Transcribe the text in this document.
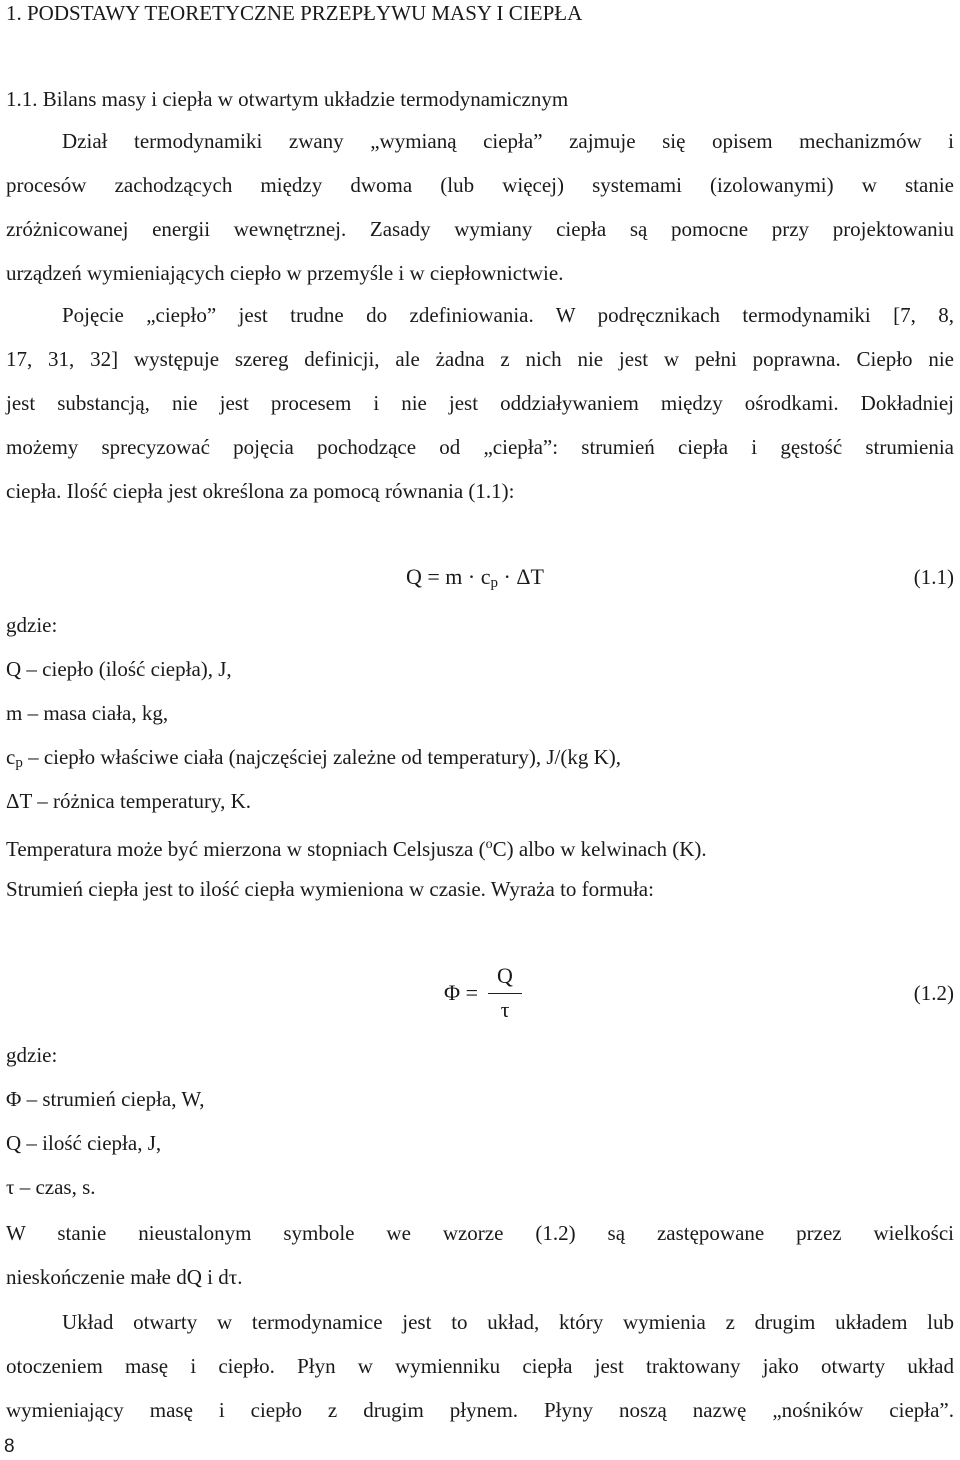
1. PODSTAWY TEORETYCZNE PRZEPŁYWU MASY I CIEPŁA
1.1. Bilans masy i ciepła w otwartym układzie termodynamicznym
Dział termodynamiki zwany „wymianą ciepła” zajmuje się opisem mechanizmów i
procesów zachodzących między dwoma (lub więcej) systemami (izolowanymi) w stanie
zróżnicowanej energii wewnętrznej. Zasady wymiany ciepła są pomocne przy projektowaniu
urządzeń wymieniających ciepło w przemyśle i w ciepłownictwie.
Pojęcie „ciepło” jest trudne do zdefiniowania. W podręcznikach termodynamiki [7, 8,
17, 31, 32] występuje szereg definicji, ale żadna z nich nie jest w pełni poprawna. Ciepło nie
jest substancją, nie jest procesem i nie jest oddziaływaniem między ośrodkami. Dokładniej
możemy sprecyzować pojęcia pochodzące od „ciepła”: strumień ciepła i gęstość strumienia
ciepła. Ilość ciepła jest określona za pomocą równania (1.1):
$Q = m \cdot c_p \cdot \Delta T$	(1.1)
gdzie:
Q – ciepło (ilość ciepła), J,
m – masa ciała, kg,
$c_p$ – ciepło właściwe ciała (najczęściej zależne od temperatury), J/(kg K),
ΔT – różnica temperatury, K.
Temperatura może być mierzona w stopniach Celsjusza ($^o$C) albo w kelwinach (K).
Strumień ciepła jest to ilość ciepła wymieniona w czasie. Wyraża to formuła:
Φ =
Q
τ
(1.2)
gdzie:
Φ – strumień ciepła, W,
Q – ilość ciepła, J,
τ – czas, s.
W stanie nieustalonym symbole we wzorze (1.2) są zastępowane przez wielkości
nieskończenie małe dQ i dτ.
Układ otwarty w termodynamice jest to układ, który wymienia z drugim układem lub
otoczeniem masę i ciepło. Płyn w wymienniku ciepła jest traktowany jako otwarty układ
wymieniający masę i ciepło z drugim płynem. Płyny noszą nazwę „nośników ciepła”.
8
